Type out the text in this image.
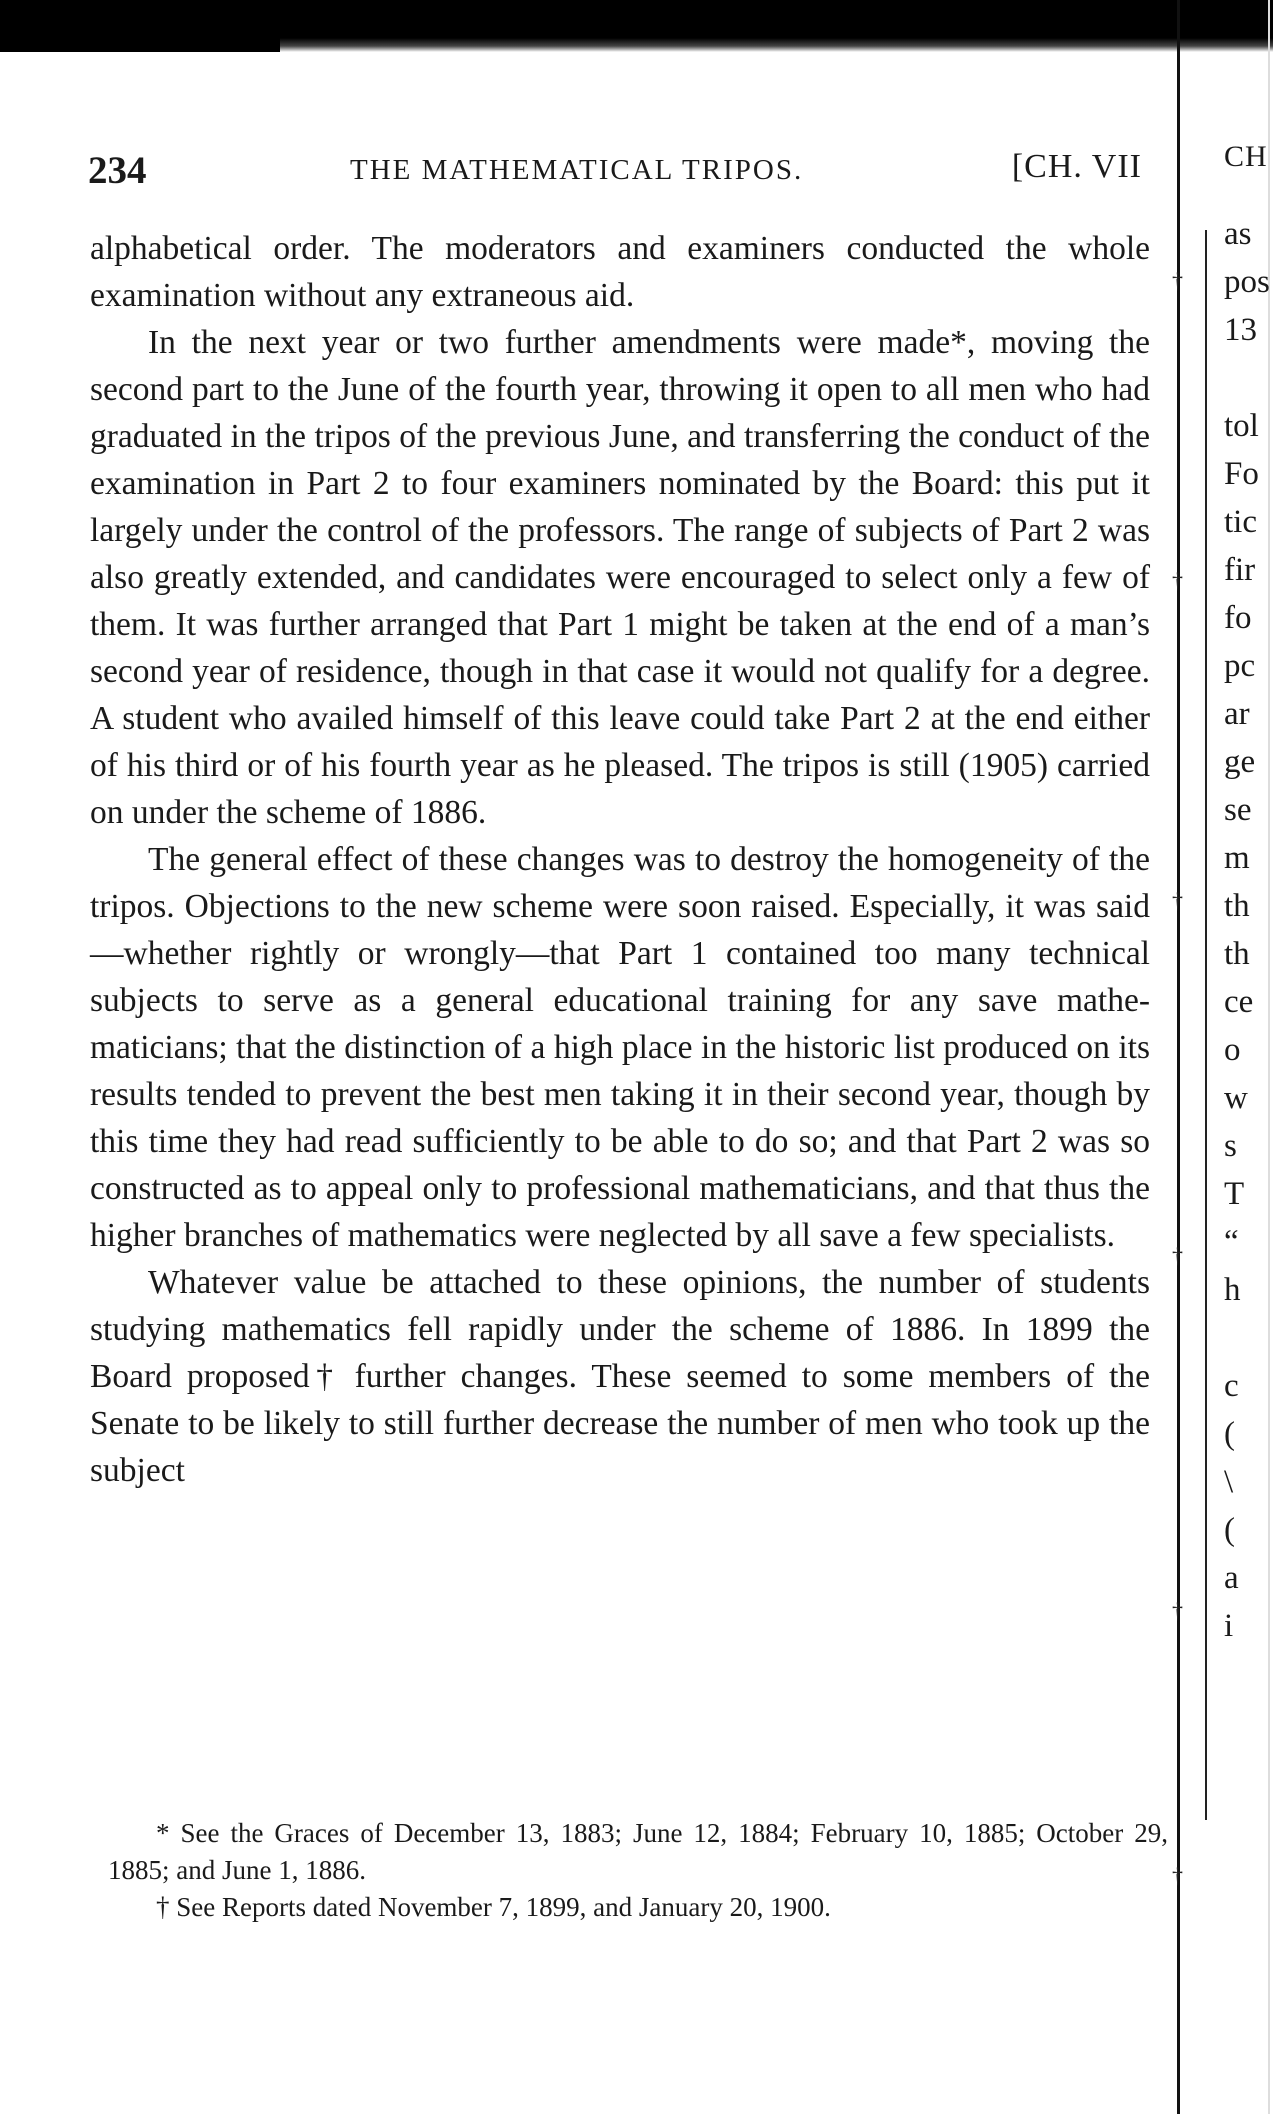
†
†
†
†
†
†
234	THE MATHEMATICAL TRIPOS.	[CH. VII

alphabetical order. The moderators and examiners conducted the whole examination without any extraneous aid.

In the next year or two further amendments were made*, moving the second part to the June of the fourth year, throwing it open to all men who had graduated in the tripos of the previous June, and transferring the conduct of the examination in Part 2 to four examiners nominated by the Board: this put it largely under the control of the professors. The range of subjects of Part 2 was also greatly extended, and candidates were encouraged to select only a few of them. It was further arranged that Part 1 might be taken at the end of a man’s second year of residence, though in that case it would not qualify for a degree. A student who availed himself of this leave could take Part 2 at the end either of his third or of his fourth year as he pleased. The tripos is still (1905) carried on under the scheme of 1886.

The general effect of these changes was to destroy the homogeneity of the tripos. Objections to the new scheme were soon raised. Especially, it was said—whether rightly or wrongly—that Part 1 contained too many technical subjects to serve as a general educational training for any save mathematicians; that the distinction of a high place in the historic list produced on its results tended to prevent the best men taking it in their second year, though by this time they had read sufficiently to be able to do so; and that Part 2 was so constructed as to appeal only to professional mathematicians, and that thus the higher branches of mathematics were neglected by all save a few specialists.

Whatever value be attached to these opinions, the number of students studying mathematics fell rapidly under the scheme of 1886. In 1899 the Board proposed† further changes. These seemed to some members of the Senate to be likely to still further decrease the number of men who took up the subject

* See the Graces of December 13, 1883; June 12, 1884; February 10, 1885; October 29, 1885; and June 1, 1886.

† See Reports dated November 7, 1899, and January 20, 1900.

CH
as
pos
13
tol
Fo
tic
fir
fo
pc
ar
ge
se
m
th
th
ce
o
w
s
T
“
h
c
(
\
(
a
i
